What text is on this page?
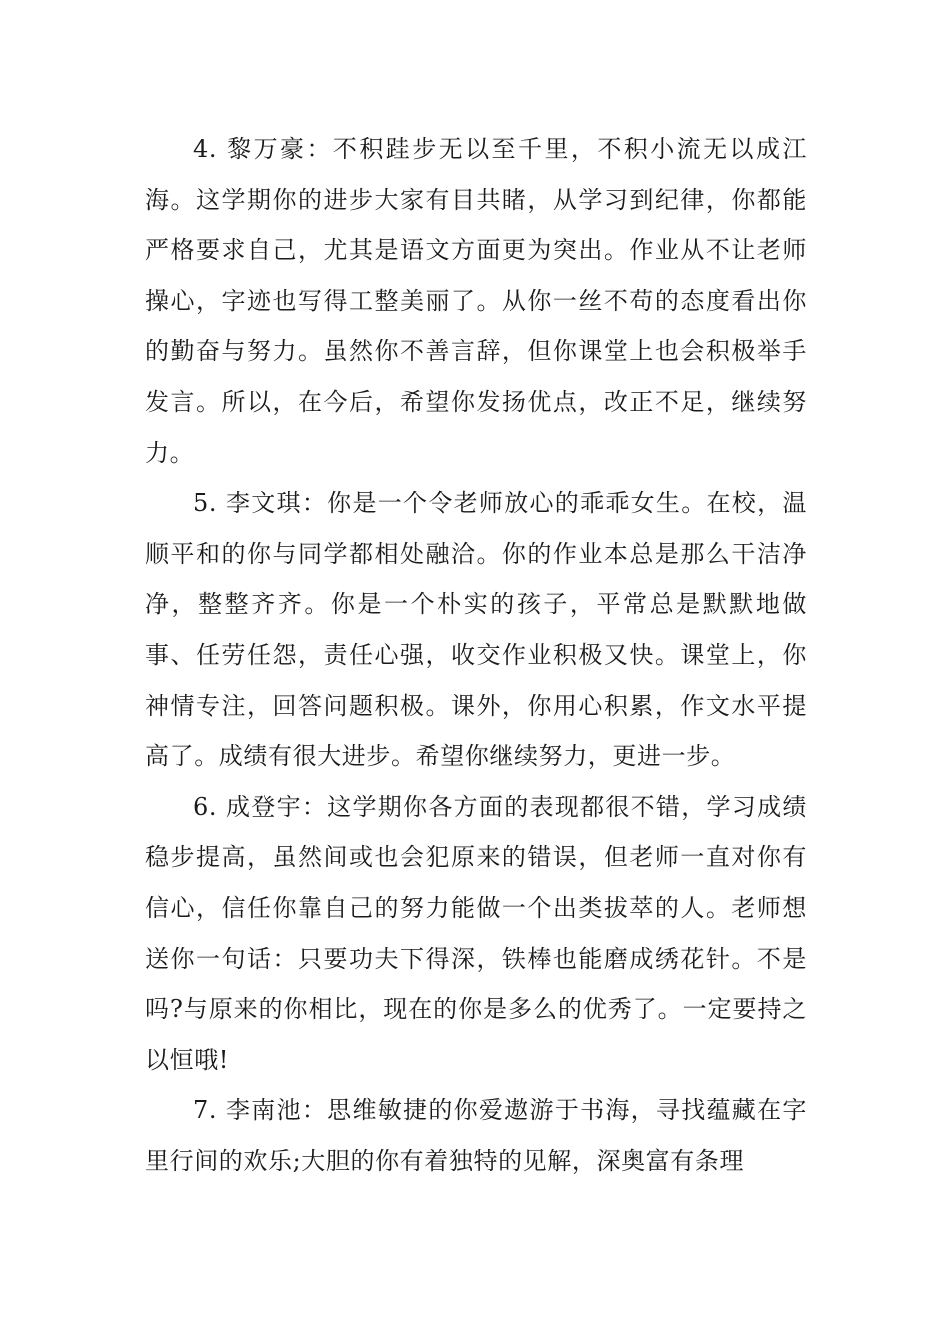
4. 黎万豪：不积跬步无以至千里，不积小流无以成江海。这学期你的进步大家有目共睹，从学习到纪律，你都能严格要求自己，尤其是语文方面更为突出。作业从不让老师操心，字迹也写得工整美丽了。从你一丝不苟的态度看出你的勤奋与努力。虽然你不善言辞，但你课堂上也会积极举手发言。所以，在今后，希望你发扬优点，改正不足，继续努力。

5. 李文琪：你是一个令老师放心的乖乖女生。在校，温顺平和的你与同学都相处融洽。你的作业本总是那么干洁净净，整整齐齐。你是一个朴实的孩子，平常总是默默地做事、任劳任怨，责任心强，收交作业积极又快。课堂上，你神情专注，回答问题积极。课外，你用心积累，作文水平提高了。成绩有很大进步。希望你继续努力，更进一步。

6. 成登宇：这学期你各方面的表现都很不错，学习成绩稳步提高，虽然间或也会犯原来的错误，但老师一直对你有信心，信任你靠自己的努力能做一个出类拔萃的人。老师想送你一句话：只要功夫下得深，铁棒也能磨成绣花针。不是吗?与原来的你相比，现在的你是多么的优秀了。一定要持之以恒哦!

7. 李南池：思维敏捷的你爱遨游于书海，寻找蕴藏在字里行间的欢乐;大胆的你有着独特的见解，深奥富有条理
